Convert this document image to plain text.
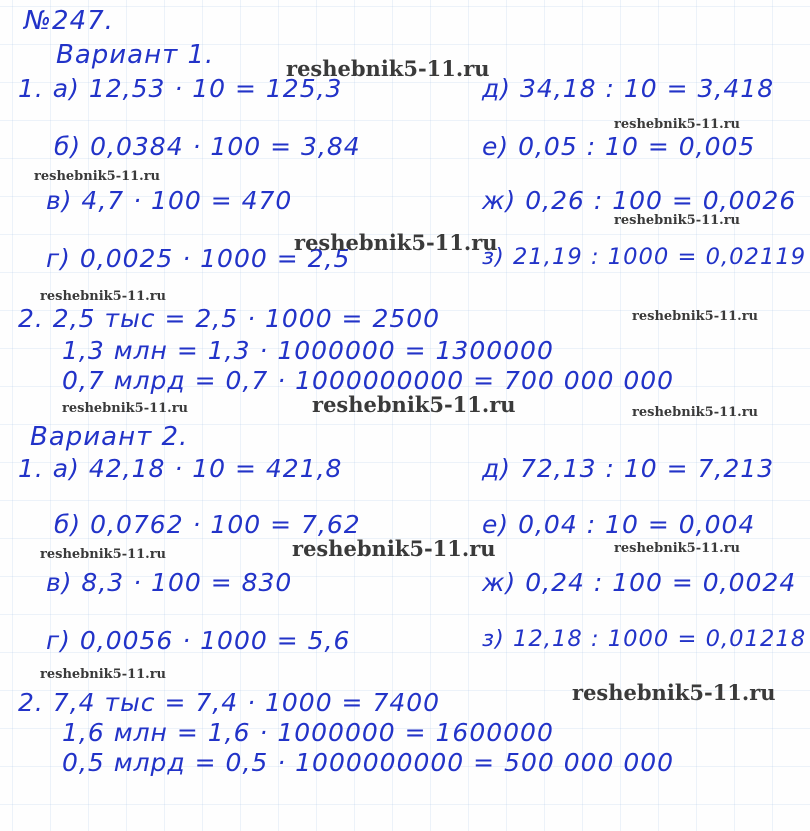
№247.
Вариант 1.
1. а) 12,53 · 10 = 125,3
б) 0,0384 · 100 = 3,84
в) 4,7 · 100 = 470
г) 0,0025 · 1000 = 2,5
д) 34,18 : 10 = 3,418
е) 0,05 : 10 = 0,005
ж) 0,26 : 100 = 0,0026
з) 21,19 : 1000 = 0,02119
2. 2,5 тыс = 2,5 · 1000 = 2500
1,3 млн = 1,3 · 1000000 = 1300000
0,7 млрд = 0,7 · 1000000000 = 700 000 000
Вариант 2.
1. а) 42,18 · 10 = 421,8
б) 0,0762 · 100 = 7,62
в) 8,3 · 100 = 830
г) 0,0056 · 1000 = 5,6
д) 72,13 : 10 = 7,213
е) 0,04 : 10 = 0,004
ж) 0,24 : 100 = 0,0024
з) 12,18 : 1000 = 0,01218
2. 7,4 тыс = 7,4 · 1000 = 7400
1,6 млн = 1,6 · 1000000 = 1600000
0,5 млрд = 0,5 · 1000000000 = 500 000 000
reshebnik5-11.ru
reshebnik5-11.ru
reshebnik5-11.ru
reshebnik5-11.ru
reshebnik5-11.ru
reshebnik5-11.ru
reshebnik5-11.ru
reshebnik5-11.ru
reshebnik5-11.ru	reshebnik5-11.ru
reshebnik5-11.ru
reshebnik5-11.ru	reshebnik5-11.ru
reshebnik5-11.ru
reshebnik5-11.ru
